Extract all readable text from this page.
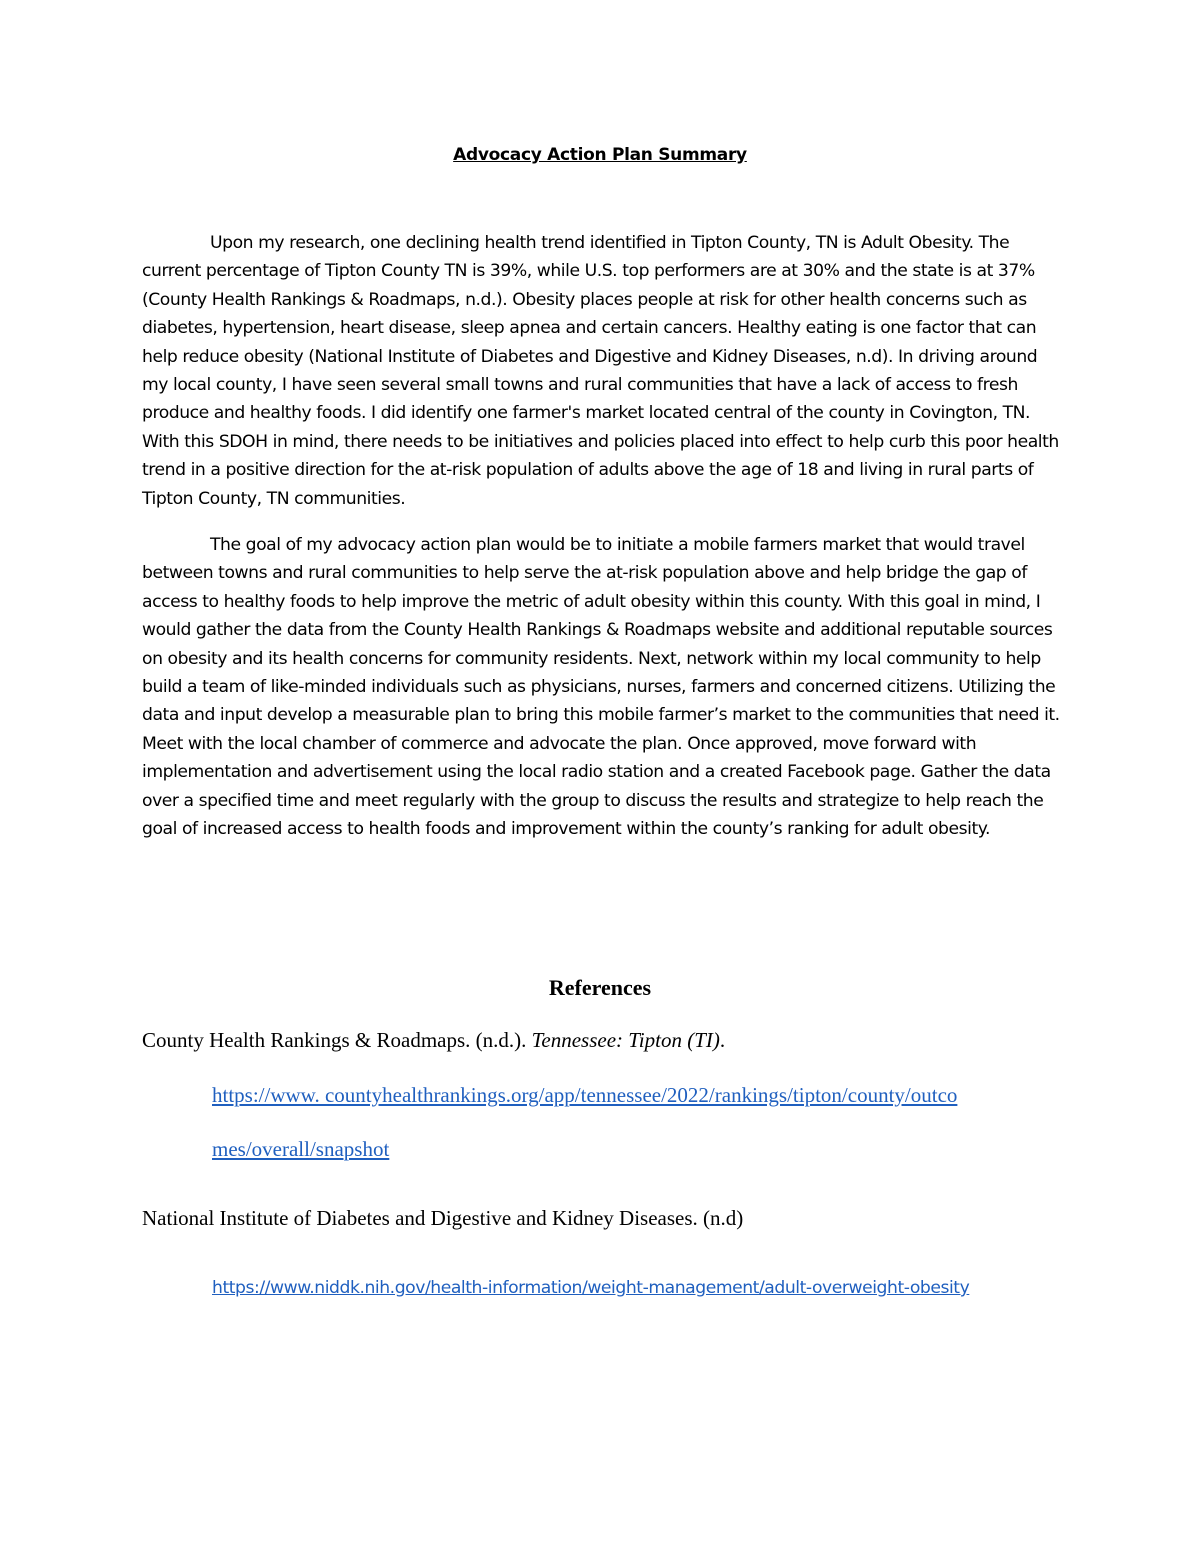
Advocacy Action Plan Summary

Upon my research, one declining health trend identified in Tipton County, TN is Adult Obesity. The current percentage of Tipton County TN is 39%, while U.S. top performers are at 30% and the state is at 37% (County Health Rankings & Roadmaps, n.d.). Obesity places people at risk for other health concerns such as diabetes, hypertension, heart disease, sleep apnea and certain cancers. Healthy eating is one factor that can help reduce obesity (National Institute of Diabetes and Digestive and Kidney Diseases, n.d). In driving around my local county, I have seen several small towns and rural communities that have a lack of access to fresh produce and healthy foods. I did identify one farmer's market located central of the county in Covington, TN. With this SDOH in mind, there needs to be initiatives and policies placed into effect to help curb this poor health trend in a positive direction for the at-risk population of adults above the age of 18 and living in rural parts of Tipton County, TN communities.

The goal of my advocacy action plan would be to initiate a mobile farmers market that would travel between towns and rural communities to help serve the at-risk population above and help bridge the gap of access to healthy foods to help improve the metric of adult obesity within this county. With this goal in mind, I would gather the data from the County Health Rankings & Roadmaps website and additional reputable sources on obesity and its health concerns for community residents. Next, network within my local community to help build a team of like-minded individuals such as physicians, nurses, farmers and concerned citizens. Utilizing the data and input develop a measurable plan to bring this mobile farmer’s market to the communities that need it. Meet with the local chamber of commerce and advocate the plan. Once approved, move forward with implementation and advertisement using the local radio station and a created Facebook page. Gather the data over a specified time and meet regularly with the group to discuss the results and strategize to help reach the goal of increased access to health foods and improvement within the county’s ranking for adult obesity.

References
County Health Rankings & Roadmaps. (n.d.). Tennessee: Tipton (TI).
https://www. countyhealthrankings.org/app/tennessee/2022/rankings/tipton/county/outco
mes/overall/snapshot
National Institute of Diabetes and Digestive and Kidney Diseases. (n.d)
https://www.niddk.nih.gov/health-information/weight-management/adult-overweight-obesity
